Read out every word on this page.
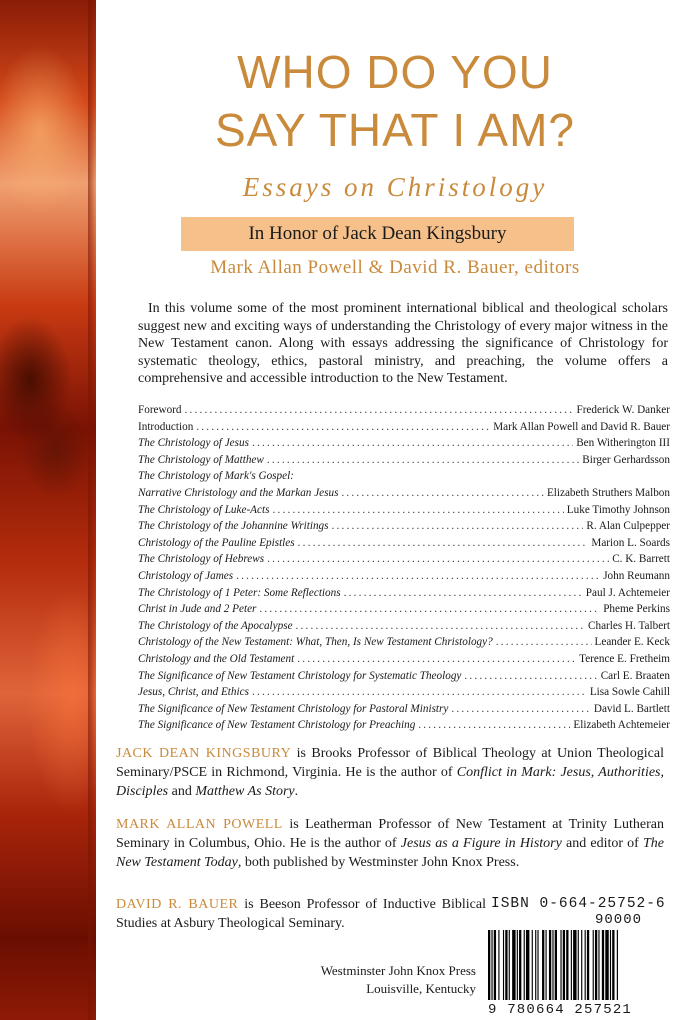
WHO DO YOU
SAY THAT I AM?
Essays on Christology
In Honor of Jack Dean Kingsbury
Mark Allan Powell & David R. Bauer, editors

In this volume some of the most prominent international biblical and theological scholars suggest new and exciting ways of understanding the Christology of every major witness in the New Testament canon. Along with essays addressing the significance of Christology for systematic theology, ethics, pastoral ministry, and preaching, the volume offers a comprehensive and accessible introduction to the New Testament.

Foreword .....	Frederick W. Danker
Introduction .....	Mark Allan Powell and David R. Bauer
The Christology of Jesus .....	Ben Witherington III
The Christology of Matthew .....	Birger Gerhardsson
The Christology of Mark's Gospel:
Narrative Christology and the Markan Jesus .....	Elizabeth Struthers Malbon
The Christology of Luke-Acts .....	Luke Timothy Johnson
The Christology of the Johannine Writings .....	R. Alan Culpepper
Christology of the Pauline Epistles .....	Marion L. Soards
The Christology of Hebrews .....	C. K. Barrett
Christology of James .....	John Reumann
The Christology of 1 Peter: Some Reflections .....	Paul J. Achtemeier
Christ in Jude and 2 Peter .....	Pheme Perkins
The Christology of the Apocalypse .....	Charles H. Talbert
Christology of the New Testament: What, Then, Is New Testament Christology? .....	Leander E. Keck
Christology and the Old Testament .....	Terence E. Fretheim
The Significance of New Testament Christology for Systematic Theology .....	Carl E. Braaten
Jesus, Christ, and Ethics .....	Lisa Sowle Cahill
The Significance of New Testament Christology for Pastoral Ministry .....	David L. Bartlett
The Significance of New Testament Christology for Preaching .....	Elizabeth Achtemeier
JACK DEAN KINGSBURY is Brooks Professor of Biblical Theology at Union Theological Seminary/PSCE in Richmond, Virginia. He is the author of Conflict in Mark: Jesus, Authorities, Disciples and Matthew As Story.
MARK ALLAN POWELL is Leatherman Professor of New Testament at Trinity Lutheran Seminary in Columbus, Ohio. He is the author of Jesus as a Figure in History and editor of The New Testament Today, both published by Westminster John Knox Press.
DAVID R. BAUER is Beeson Professor of Inductive Biblical Studies at Asbury Theological Seminary.
Westminster John Knox Press
Louisville, Kentucky
ISBN 0-664-25752-6
9 780664 257521
90000
